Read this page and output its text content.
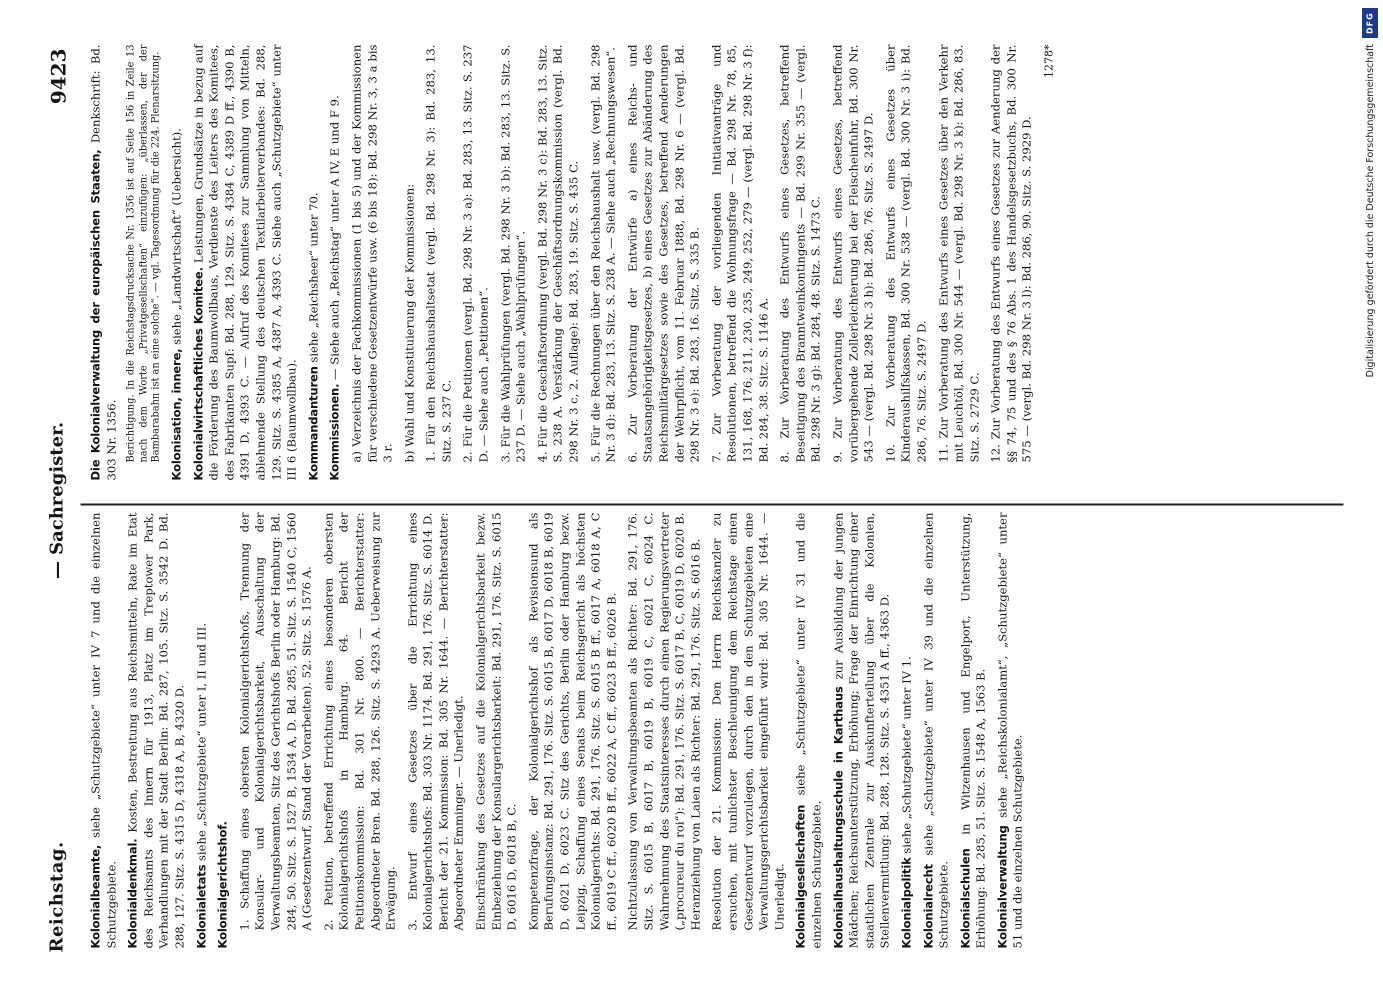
Reichstag.
— Sachregister.
9423
Kolonialbeamte, siehe „Schutzgebiete“ unter IV 7 und die einzelnen Schutzgebiete. Kolonialdenkmal. Kosten, Bestreitung aus Reichsmitteln, Rate im Etat des Reichsamts des Innern für 1913, Platz im Treptower Park, Verhandlungen mit der Stadt Berlin: Bd. 287, 105. Sitz. S. 3542 D. Bd. 288, 127. Sitz. S. 4315 D, 4318 A, B, 4320 D. Kolonialetats siehe „Schutzgebiete“ unter I, II und III.
Kolonialgerichtshof. 1. Schaffung eines obersten Kolonialgerichtshofs, Trennung der Konsular- und Kolonialgerichtsbarkeit, Ausschaltung der Verwaltungsbeamten, Sitz des Gerichtshofs Berlin oder Hamburg: Bd. 284, 50. Sitz. S. 1527 B, 1534 A, D. Bd. 285, 51. Sitz. S. 1540 C, 1560 A (Gesetzentwurf, Stand der Vorarbeiten). 52. Sitz. S. 1576 A. 2. Petition, betreffend Errichtung eines besonderen obersten Kolonialgerichtshofs in Hamburg. 64. Bericht der Petitionskommission: Bd. 301 Nr. 800. — Berichterstatter: Abgeordneter Bren. Bd. 288, 126. Sitz. S. 4293 A. Ueberweisung zur Erwägung. 3. Entwurf eines Gesetzes über die Errichtung eines Kolonialgerichtshofs: Bd. 303 Nr. 1174. Bd. 291, 176. Sitz. S. 6014 D. Bericht der 21. Kommission: Bd. 305 Nr. 1644. — Berichterstatter: Abgeordneter Emminger. — Unerledigt. Einschränkung des Gesetzes auf die Kolonialgerichtsbarkeit bezw. Einbeziehung der Konsulargerichtsbarkeit: Bd. 291, 176. Sitz. S. 6015 D, 6016 D, 6018 B, C. Kompetenzfrage, der Kolonialgerichtshof als Revisionsund als Berufungsinstanz: Bd. 291, 176. Sitz. S. 6015 B, 6017 D, 6018 B, 6019 D, 6021 D, 6023 C. Sitz des Gerichts, Berlin oder Hamburg bezw. Leipzig, Schaffung eines Senats beim Reichsgericht als höchsten Kolonialgerichts: Bd. 291, 176. Sitz. S. 6015 B ff., 6017 A, 6018 A, C ff., 6019 C ff., 6020 B ff., 6022 A, C ff., 6023 B ff., 6026 B. Nichtzulassung von Verwaltungsbeamten als Richter: Bd. 291, 176. Sitz. S. 6015 B, 6017 B, 6019 B, 6019 C, 6021 C, 6024 C. Wahrnehmung des Staatsinteresses durch einen Regierungsvertreter („procureur du roi“): Bd. 291, 176. Sitz. S. 6017 B, C, 6019 D, 6020 B. Heranziehung von Laien als Richter: Bd. 291, 176. Sitz. S. 6016 B. Resolution der 21. Kommission: Den Herrn Reichskanzler zu ersuchen, mit tunlichster Beschleunigung dem Reichstage einen Gesetzentwurf vorzulegen, durch den in den Schutzgebieten eine Verwaltungsgerichtsbarkeit eingeführt wird: Bd. 305 Nr. 1644. — Unerledigt. Kolonialgesellschaften siehe „Schutzgebiete“ unter IV 31 und die einzelnen Schutzgebiete. Kolonialhaushaltungsschule in Karthaus zur Ausbildung der jungen Mädchen; Reichsunterstützung, Erhöhung; Frage der Einrichtung einer staatlichen Zentrale zur Auskunfterteilung über die Kolonien, Stellenvermittlung: Bd. 288, 128. Sitz. S. 4351 A ff., 4363 D. Kolonialpolitik siehe „Schutzgebiete“ unter IV 1.
Kolonialrecht siehe „Schutzgebiete“ unter IV 39 und die einzelnen Schutzgebiete. Kolonialschulen in Witzenhausen und Engelport, Unterstützung, Erhöhung: Bd. 285, 51. Sitz. S. 1548 A, 1563 B. Kolonialverwaltung siehe „Reichskolonialamt“, „Schutzgebiete“ unter 51 und die einzelnen Schutzgebiete.
Die Kolonialverwaltung der europäischen Staaten, Denkschrift: Bd. 303 Nr. 1356. Berichtigung. In die Reichstagsdrucksache Nr. 1356 ist auf Seite 156 in Zeile 13 nach dem Worte „Privatgesellschaften“ einzufügen: „überlassen, der der Bambarabahn ist an eine solche“. — vgl. Tagesordnung für die 224. Plenarsitzung. Kolonisation, innere, siehe „Landwirtschaft“ (Uebersicht).
Kolonialwirtschaftliches Komitee. Leistungen, Grundsätze in bezug auf die Förderung des Baumwollbaus, Verdienste des Leiters des Komitees, des Fabrikanten Supf: Bd. 288, 129. Sitz. S. 4384 C, 4389 D ff., 4390 B, 4391 D, 4393 C. — Aufruf des Komitees zur Sammlung von Mitteln, ablehnende Stellung des deutschen Textilarbeiterverbandes: Bd. 288, 129. Sitz. S. 4385 A, 4387 A, 4393 C. Siehe auch „Schutzgebiete“ unter III 6 (Baumwollbau). Kommandanturen siehe „Reichsheer“ unter 70.
Kommissionen. — Siehe auch „Reichstag“ unter A IV, E und F 9. a) Verzeichnis der Fachkommissionen (1 bis 5) und der Kommissionen für verschiedene Gesetzentwürfe usw. (6 bis 18): Bd. 298 Nr. 3, 3 a bis 3 r. b) Wahl und Konstituierung der Kommissionen: 1. Für den Reichshaushaltsetat (vergl. Bd. 298 Nr. 3): Bd. 283, 13. Sitz. S. 237 C. 2. Für die Petitionen (vergl. Bd. 298 Nr. 3 a): Bd. 283, 13. Sitz. S. 237 D. — Siehe auch „Petitionen“. 3. Für die Wahlprüfungen (vergl. Bd. 298 Nr. 3 b): Bd. 283, 13. Sitz. S. 237 D. — Siehe auch „Wahlprüfungen“. 4. Für die Geschäftsordnung (vergl. Bd. 298 Nr. 3 c): Bd. 283, 13. Sitz. S. 238 A. Verstärkung der Geschäftsordnungskommission (vergl. Bd. 298 Nr. 3 c, 2. Auflage): Bd. 283, 19. Sitz. S. 435 C. 5. Für die Rechnungen über den Reichshaushalt usw. (vergl. Bd. 298 Nr. 3 d): Bd. 283, 13. Sitz. S. 238 A. — Siehe auch „Rechnungswesen“. 6. Zur Vorberatung der Entwürfe a) eines Reichs- und Staatsangehörigkeitsgesetzes, b) eines Gesetzes zur Abänderung des Reichsmilitärgesetzes sowie des Gesetzes, betreffend Aenderungen der Wehrpflicht, vom 11. Februar 1888, Bd. 298 Nr. 6 — (vergl. Bd. 298 Nr. 3 e): Bd. 283, 16. Sitz. S. 335 B. 7. Zur Vorberatung der vorliegenden Initiativanträge und Resolutionen, betreffend die Wohnungsfrage — Bd. 298 Nr. 78, 85, 131, 168, 176, 211, 230, 235, 249, 252, 279 — (vergl. Bd. 298 Nr. 3 f): Bd. 284, 38. Sitz. S. 1146 A. 8. Zur Vorberatung des Entwurfs eines Gesetzes, betreffend Beseitigung des Branntweinkontingents — Bd. 299 Nr. 355 — (vergl. Bd. 298 Nr. 3 g): Bd. 284, 48. Sitz. S. 1473 C. 9. Zur Vorberatung des Entwurfs eines Gesetzes, betreffend vorübergehende Zollerleichterung bei der Fleischeinfuhr, Bd. 300 Nr. 543 — (vergl. Bd. 298 Nr. 3 h): Bd. 286, 76. Sitz. S. 2497 D. 10. Zur Vorberatung des Entwurfs eines Gesetzes über Kinderaushilfskassen, Bd. 300 Nr. 538 — (vergl. Bd. 300 Nr. 3 i): Bd. 286, 76. Sitz. S. 2497 D. 11. Zur Vorberatung des Entwurfs eines Gesetzes über den Verkehr mit Leuchtöl, Bd. 300 Nr. 544 — (vergl. Bd. 298 Nr. 3 k): Bd. 286, 83. Sitz. S. 2729 C. 12. Zur Vorberatung des Entwurfs eines Gesetzes zur Aenderung der §§ 74, 75 und des § 76 Abs. 1 des Handelsgesetzbuchs, Bd. 300 Nr. 575 — (vergl. Bd. 298 Nr. 3 l): Bd. 286, 90. Sitz. S. 2929 D.
1278*
DFG
Digitalisierung gefördert durch die Deutsche Forschungsgemeinschaft
